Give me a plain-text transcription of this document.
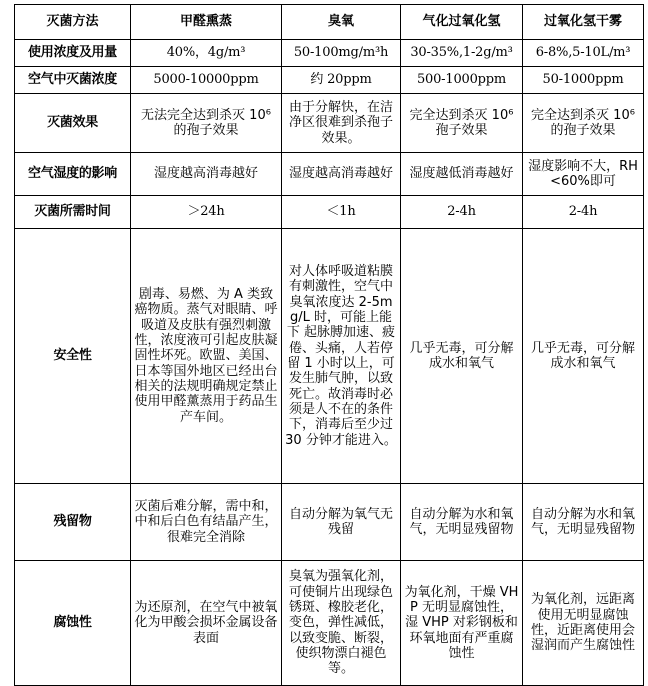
灭菌方法	甲醛熏蒸	臭氧	气化过氧化氢	过氧化氢干雾
使用浓度及用量	40%，4g/m³	50-100mg/m³h	30-35%,1-2g/m³	6-8%,5-10L/m³
空气中灭菌浓度	5000-10000ppm	约 20ppm	500-1000ppm	50-1000ppm
灭菌效果	无法完全达到杀灭 10⁶ 的孢子效果	由于分解快，在洁净区很难到杀孢子效果。	完全达到杀灭 10⁶ 孢子效果	完全达到杀灭 10⁶的孢子效果
空气湿度的影响	湿度越高消毒越好	湿度越高消毒越好	湿度越低消毒越好	湿度影响不大，RH<60%即可
灭菌所需时间	＞24h	＜1h	2-4h	2-4h
安全性	剧毒、易燃、为 A 类致癌物质。蒸气对眼睛、呼吸道及皮肤有强烈刺激性，浓度液可引起皮肤凝固性坏死。欧盟、美国、日本等国外地区已经出台 相关的法规明确规定禁止使用甲醛薰蒸用于药品生产车间。	对人体呼吸道粘膜有刺激性，空气中臭氧浓度达 2-5mg/L 时，可能上能下 起脉膊加速、疲倦、头痛，人若停留 1 小时以上，可发生肺气肿，以致死亡。故消毒时必须是人不在的条件下，消毒后至少过 30 分钟才能进入。	几乎无毒，可分解成水和氧气	几乎无毒，可分解成水和氧气
残留物	灭菌后难分解，需中和，中和后白色有结晶产生，很难完全消除	自动分解为氧气无残留	自动分解为水和氧气，无明显残留物	自动分解为水和氧气，无明显残留物
腐蚀性	为还原剂，在空气中被氧化为甲酸会损坏金属设备表面	臭氧为强氧化剂，可使铜片出现绿色锈斑、橡胶老化，变色，弹性减低，以致变脆、断裂，使织物漂白褪色等。	为氧化剂，干燥 VHP 无明显腐蚀性，湿 VHP 对彩钢板和环氧地面有严重腐蚀性	为氧化剂，远距离使用无明显腐蚀性，近距离使用会湿润而产生腐蚀性
